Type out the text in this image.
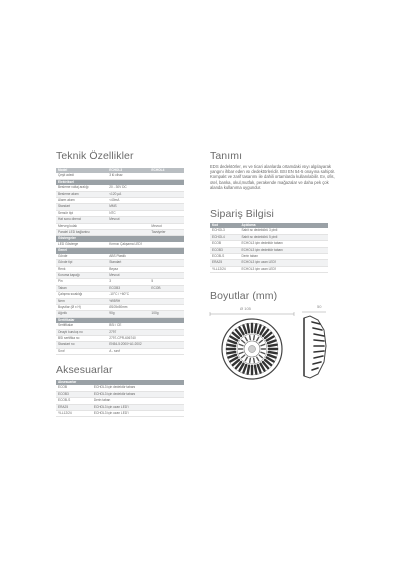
Teknik Özellikler
Model	ECHOL3	ECHOL4
Çeşit adedi	3 lü cihaz	
Elektriksel		
Besleme voltaj aralığı	20 - 30V DC	
Besleme akımı	<120 µA	
Alarm akımı	<40mA	
Standart	MMS	
Sensör tipi	NTC	
Hat sonu direnci	Mevcut	
Merveg kulak		Mevcut
Paralel LED bağlantısı		Tavsiyeler
Göstergeler		
LED Gösterge	Kırmızı Çakşama LED'i	
Genel		
Gövde	ABS Plastik	
Gövde tipi	Standart	
Renk	Beyaz	
Koruma kapağı	Mevcut	
Pin	3	5
Taban	ECOB3	ECOB
Çalışma sıcaklığı	-10°C / +60°C	
Nem	%95RH	
Boyutlar (Ø x H)	Ø105x50mm	
Ağırlık	90g	100g
Sertifikalar		
Sertifikalar	BSI / CE	
Onaylı kuruluş no	2797	
BSI sertifika no	2797-CPR-606740	
Standart no	EN54-5:2000+A1:2002	
Sınıf	A - sınıf	
Aksesuarlar
Aksesuarlar	
ECOB	ECHOL3 için dedektör tabanı
ECOB3	ECHOL3 için dedektör tabanı
ECOB-S	Derin taban
ERA25	ECHOL3 için uzan LED'i
YLL12/24	ECHOL3 için uzan LED'i
Tanımı
EDS dedektörler, ev ve ticari alanlarda ortamdaki ısıyı algılayarak yangını ihbar eden ısı dedektörleridir. BSI EN 54-5 onayına sahiptir. Kompakt ve zarif tasarımı ile dahili ortamlarda kullanılabilir. Ev, ofis, otel, banka, okul,mutfak, perakende mağazalar ve daha pek çok alanda kullanıma uygundur.
Sipariş Bilgisi
Kod	Açıklama
ECHOL3	Sabit ısı dedektörü 3 pinli
ECHOL4	Sabit ısı dedektörü 5 pinli
ECOB	ECHOL3 için dedektör tabanı
ECOB3	ECHOL3 için dedektör tabanı
ECOB-S	Derin taban
ERA25	ECHOL3 için uzan LED'i
YLL12/24	ECHOL3 için uzan LED'i
Boyutlar (mm)
Ø 105	50
